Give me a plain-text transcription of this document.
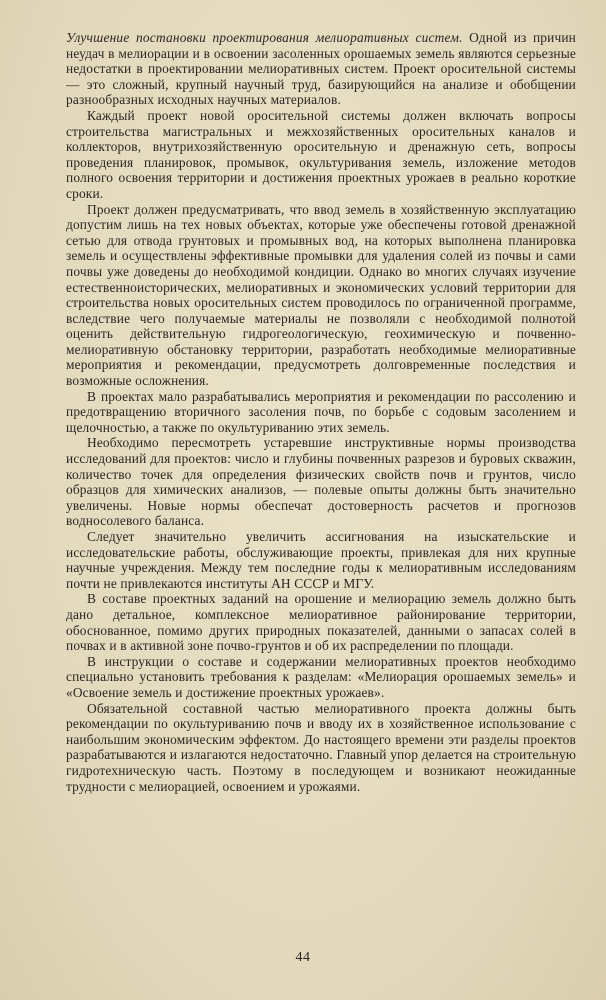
Улучшение постановки проектирования мелиоративных систем. Одной из причин неудач в мелиорации и в освоении засоленных орошаемых земель являются серьезные недостатки в проектировании мелиоративных систем. Проект оросительной системы — это сложный, крупный научный труд, базирующийся на анализе и обобщении разнообразных исходных научных материалов.

Каждый проект новой оросительной системы должен включать вопросы строительства магистральных и межхозяйственных оросительных каналов и коллекторов, внутрихозяйственную оросительную и дренажную сеть, вопросы проведения планировок, промывок, окультуривания земель, изложение методов полного освоения территории и достижения проектных урожаев в реально короткие сроки.

Проект должен предусматривать, что ввод земель в хозяйственную эксплуатацию допустим лишь на тех новых объектах, которые уже обеспечены готовой дренажной сетью для отвода грунтовых и промывных вод, на которых выполнена планировка земель и осуществлены эффективные промывки для удаления солей из почвы и сами почвы уже доведены до необходимой кондиции. Однако во многих случаях изучение естественноисторических, мелиоративных и экономических условий территории для строительства новых оросительных систем проводилось по ограниченной программе, вследствие чего получаемые материалы не позволяли с необходимой полнотой оценить действительную гидрогеологическую, геохимическую и почвенно-мелиоративную обстановку территории, разработать необходимые мелиоративные мероприятия и рекомендации, предусмотреть долговременные последствия и возможные осложнения.

В проектах мало разрабатывались мероприятия и рекомендации по рассолению и предотвращению вторичного засоления почв, по борьбе с содовым засолением и щелочностью, а также по окультуриванию этих земель.

Необходимо пересмотреть устаревшие инструктивные нормы производства исследований для проектов: число и глубины почвенных разрезов и буровых скважин, количество точек для определения физических свойств почв и грунтов, число образцов для химических анализов, — полевые опыты должны быть значительно увеличены. Новые нормы обеспечат достоверность расчетов и прогнозов водносолевого баланса.

Следует значительно увеличить ассигнования на изыскательские и исследовательские работы, обслуживающие проекты, привлекая для них крупные научные учреждения. Между тем последние годы к мелиоративным исследованиям почти не привлекаются институты АН СССР и МГУ.

В составе проектных заданий на орошение и мелиорацию земель должно быть дано детальное, комплексное мелиоративное районирование территории, обоснованное, помимо других природных показателей, данными о запасах солей в почвах и в активной зоне почво-грунтов и об их распределении по площади.

В инструкции о составе и содержании мелиоративных проектов необходимо специально установить требования к разделам: «Мелиорация орошаемых земель» и «Освоение земель и достижение проектных урожаев».

Обязательной составной частью мелиоративного проекта должны быть рекомендации по окультуриванию почв и вводу их в хозяйственное использование с наибольшим экономическим эффектом. До настоящего времени эти разделы проектов разрабатываются и излагаются недостаточно. Главный упор делается на строительную гидротехническую часть. Поэтому в последующем и возникают неожиданные трудности с мелиорацией, освоением и урожаями.

44
